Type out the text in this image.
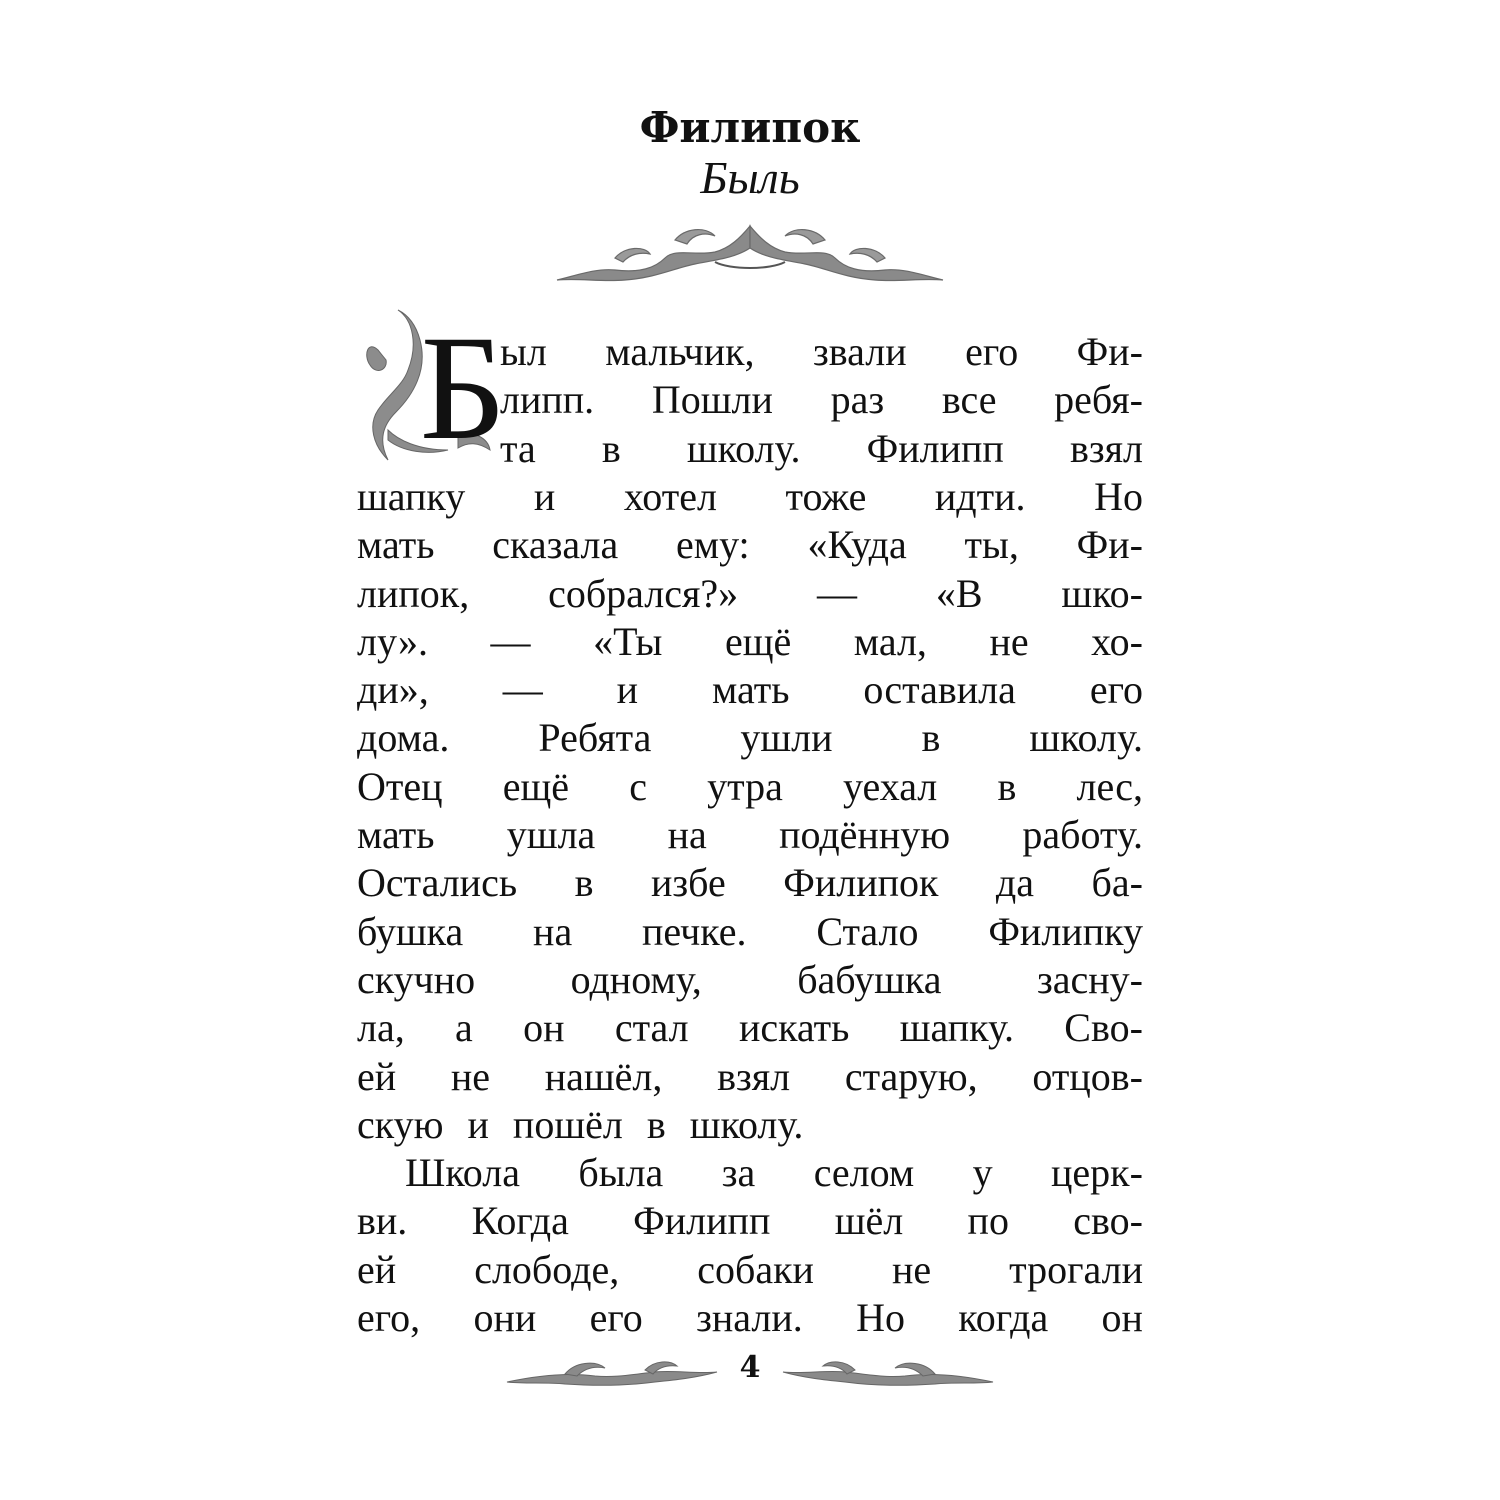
Филипок
Быль
Б
ыл мальчик, звали его Фи-
липп. Пошли раз все ребя-
та в школу. Филипп взял
шапку и хотел тоже идти. Но
мать сказала ему: «Куда ты, Фи-
липок, собрался?» — «В шко-
лу». — «Ты ещё мал, не хо-
ди», — и мать оставила его
дома. Ребята ушли в школу.
Отец ещё с утра уехал в лес,
мать ушла на подённую работу.
Остались в избе Филипок да ба-
бушка на печке. Стало Филипку
скучно одному, бабушка засну-
ла, а он стал искать шапку. Сво-
ей не нашёл, взял старую, отцов-
скую и пошёл в школу.
Школа была за селом у церк-
ви. Когда Филипп шёл по сво-
ей слободе, собаки не трогали
его, они его знали. Но когда он
4
